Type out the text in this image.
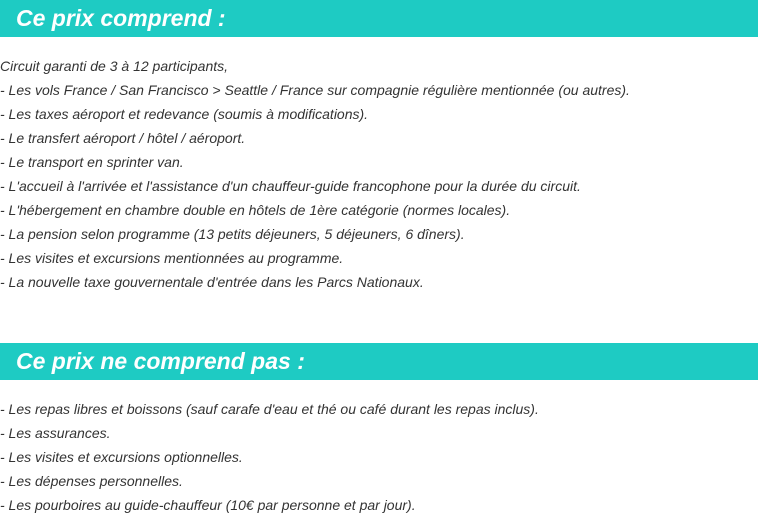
Ce prix comprend :
Circuit garanti de 3 à 12 participants,
- Les vols France / San Francisco > Seattle / France sur compagnie régulière mentionnée (ou autres).
- Les taxes aéroport et redevance (soumis à modifications).
- Le transfert aéroport / hôtel / aéroport.
- Le transport en sprinter van.
- L'accueil à l'arrivée et l'assistance d'un chauffeur-guide francophone pour la durée du circuit.
- L'hébergement en chambre double en hôtels de 1ère catégorie (normes locales).
- La pension selon programme (13 petits déjeuners, 5 déjeuners, 6 dîners).
- Les visites et excursions mentionnées au programme.
- La nouvelle taxe gouvernentale d'entrée dans les Parcs Nationaux.
Ce prix ne comprend pas :
- Les repas libres et boissons (sauf carafe d'eau et thé ou café durant les repas inclus).
- Les assurances.
- Les visites et excursions optionnelles.
- Les dépenses personnelles.
- Les pourboires au guide-chauffeur (10€ par personne et par jour).
